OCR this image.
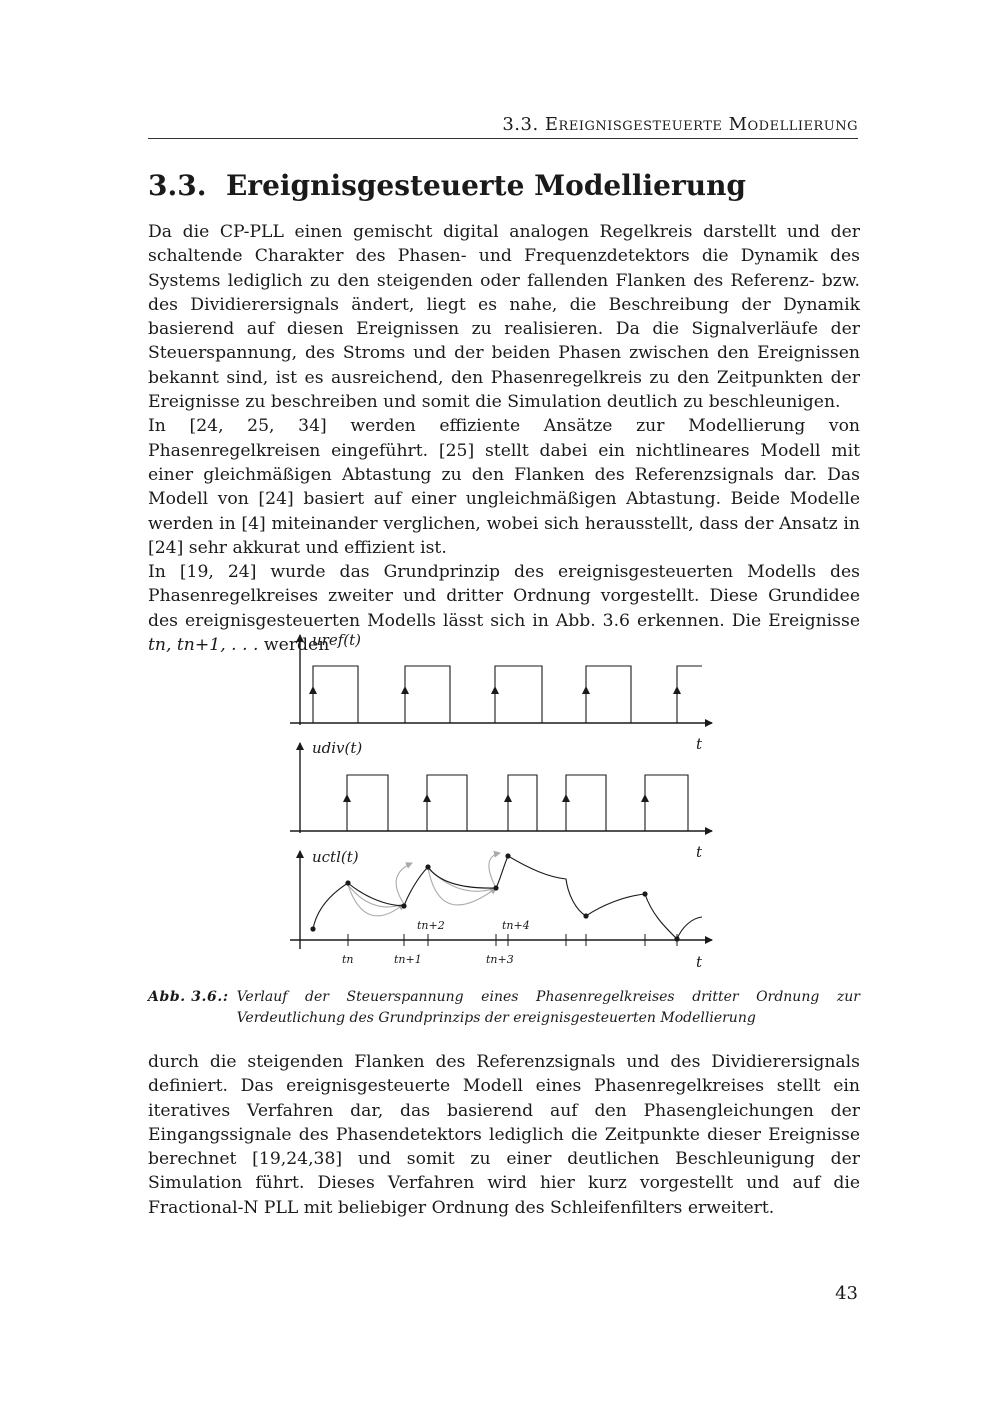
3.3. Ereignisgesteuerte Modellierung
3.3. Ereignisgesteuerte Modellierung

Da die CP-PLL einen gemischt digital analogen Regelkreis darstellt und der schaltende Charakter des Phasen- und Frequenzdetektors die Dynamik des Systems lediglich zu den steigenden oder fallenden Flanken des Referenz- bzw. des Dividierersignals ändert, liegt es nahe, die Beschreibung der Dynamik basierend auf diesen Ereignissen zu realisieren. Da die Signalverläufe der Steuerspannung, des Stroms und der beiden Phasen zwischen den Ereignissen bekannt sind, ist es ausreichend, den Phasenregelkreis zu den Zeitpunkten der Ereignisse zu beschreiben und somit die Simulation deutlich zu beschleunigen.

In [24, 25, 34] werden effiziente Ansätze zur Modellierung von Phasenregelkreisen eingeführt. [25] stellt dabei ein nichtlineares Modell mit einer gleichmäßigen Abtastung zu den Flanken des Referenzsignals dar. Das Modell von [24] basiert auf einer ungleichmäßigen Abtastung. Beide Modelle werden in [4] miteinander verglichen, wobei sich herausstellt, dass der Ansatz in [24] sehr akkurat und effizient ist.

In [19, 24] wurde das Grundprinzip des ereignisgesteuerten Modells des Phasenregelkreises zweiter und dritter Ordnung vorgestellt. Diese Grundidee des ereignisgesteuerten Modells lässt sich in Abb. 3.6 erkennen. Die Ereignisse tn, tn+1, . . . werden

uref(t)
t
udiv(t)
t
uctl(t)
tn	tn+1	tn+3
tn+2	tn+4
t
Abb. 3.6.: Verlauf der Steuerspannung eines Phasenregelkreises dritter Ordnung zur Verdeutlichung des Grundprinzips der ereignisgesteuerten Modellierung

durch die steigenden Flanken des Referenzsignals und des Dividierersignals definiert. Das ereignisgesteuerte Modell eines Phasenregelkreises stellt ein iteratives Verfahren dar, das basierend auf den Phasengleichungen der Eingangssignale des Phasendetektors lediglich die Zeitpunkte dieser Ereignisse berechnet [19,24,38] und somit zu einer deutlichen Beschleunigung der Simulation führt. Dieses Verfahren wird hier kurz vorgestellt und auf die Fractional-N PLL mit beliebiger Ordnung des Schleifenfilters erweitert.

43
